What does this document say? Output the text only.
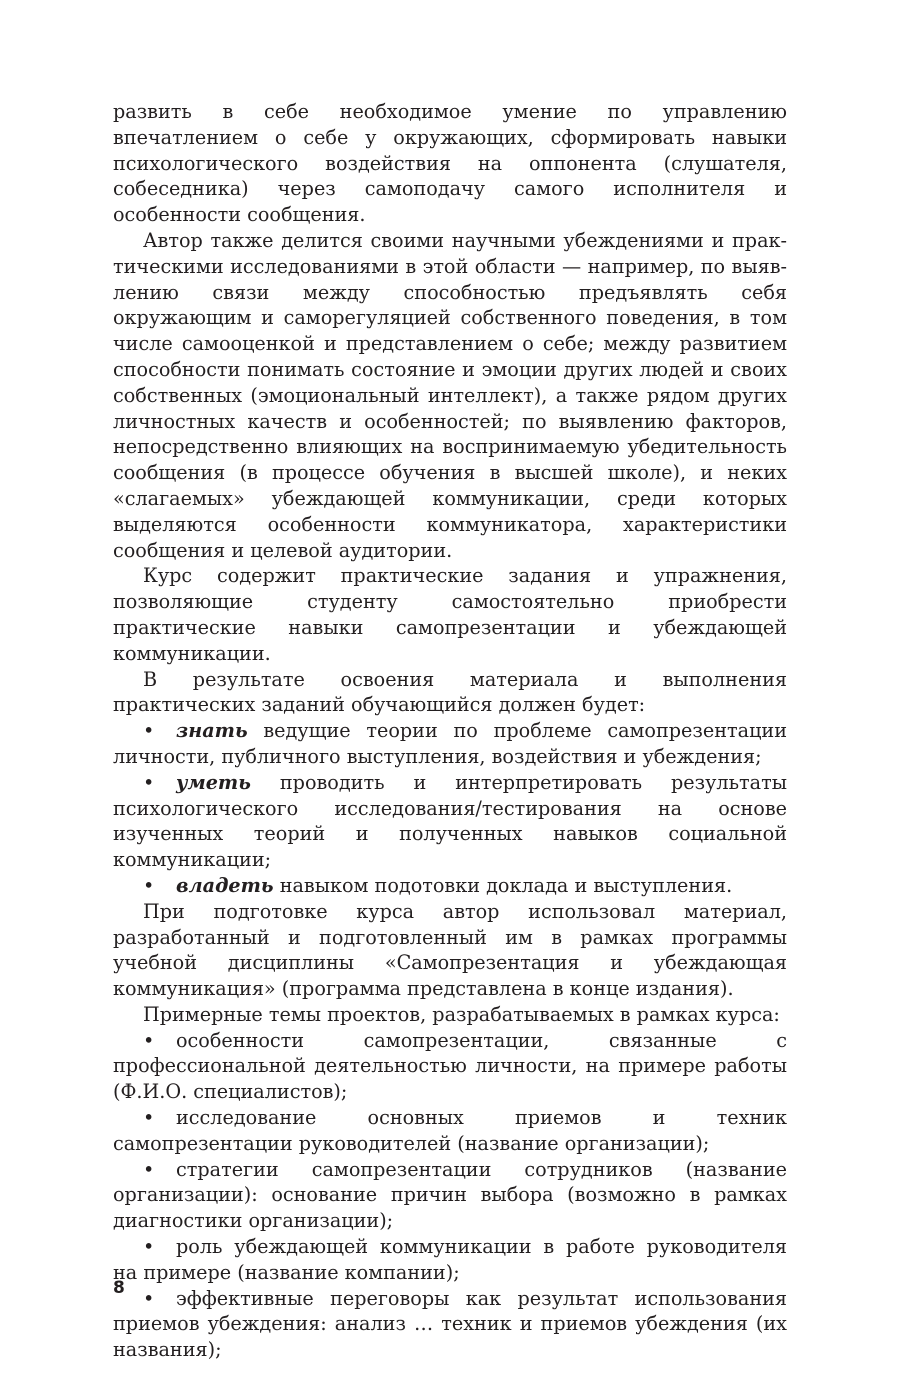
развить в себе необходимое умение по управлению впечатлением о себе у окружающих, сформировать навыки психологического воздействия на оппонента (слушателя, собеседника) через самоподачу самого исполнителя и особенности сообщения.

Автор также делится своими научными убеждениями и практическими исследованиями в этой области — например, по выявлению связи между способностью предъявлять себя окружающим и саморегуляцией собственного поведения, в том числе самооценкой и представлением о себе; между развитием способности понимать состояние и эмоции других людей и своих собственных (эмоциональный интеллект), а также рядом других личностных качеств и особенностей; по выявлению факторов, непосредственно влияющих на воспринимаемую убедительность сообщения (в процессе обучения в высшей школе), и неких «слагаемых» убеждающей коммуникации, среди которых выделяются особенности коммуникатора, характеристики сообщения и целевой аудитории.

Курс содержит практические задания и упражнения, позволяющие студенту самостоятельно приобрести практические навыки самопрезентации и убеждающей коммуникации.

В результате освоения материала и выполнения практических заданий обучающийся должен будет:

• знать ведущие теории по проблеме самопрезентации личности, публичного выступления, воздействия и убеждения;

• уметь проводить и интерпретировать результаты психологического исследования/тестирования на основе изученных теорий и полученных навыков социальной коммуникации;

• владеть навыком подотовки доклада и выступления.

При подготовке курса автор использовал материал, разработанный и подготовленный им в рамках программы учебной дисциплины «Самопрезентация и убеждающая коммуникация» (программа представлена в конце издания).

Примерные темы проектов, разрабатываемых в рамках курса:

• особенности самопрезентации, связанные с профессиональной деятельностью личности, на примере работы (Ф.И.О. специалистов);

• исследование основных приемов и техник самопрезентации руководителей (название организации);

• стратегии самопрезентации сотрудников (название организации): основание причин выбора (возможно в рамках диагностики организации);

• роль убеждающей коммуникации в работе руководителя на примере (название компании);

• эффективные переговоры как результат использования приемов убеждения: анализ … техник и приемов убеждения (их названия);

8
